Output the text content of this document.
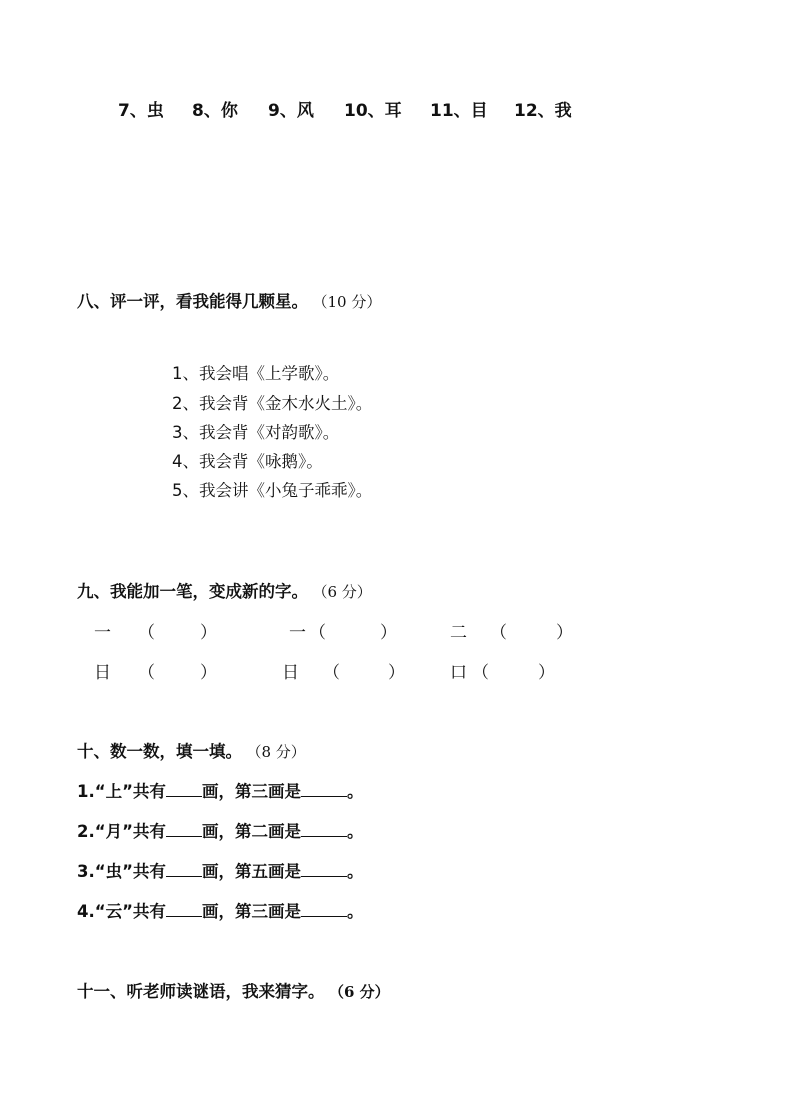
7、虫 8、你 9、风 10、耳 11、目 12、我
八、评一评，看我能得几颗星。 （10 分）
1、我会唱《上学歌》。
2、我会背《金木水火土》。
3、我会背《对韵歌》。
4、我会背《咏鹅》。
5、我会讲《小兔子乖乖》。
九、我能加一笔，变成新的字。 （6 分）
一 （	）	一 （	）	二 （	）
日 （	）	日 （	）	口 （	）
十、数一数，填一填。 （8 分）
1.“上”共有 画，第三画是	。
2.“月”共有 画，第二画是	。
3.“虫”共有 画，第五画是	。
4.“云”共有 画，第三画是	。
十一、听老师读谜语，我来猜字。 （6 分）
